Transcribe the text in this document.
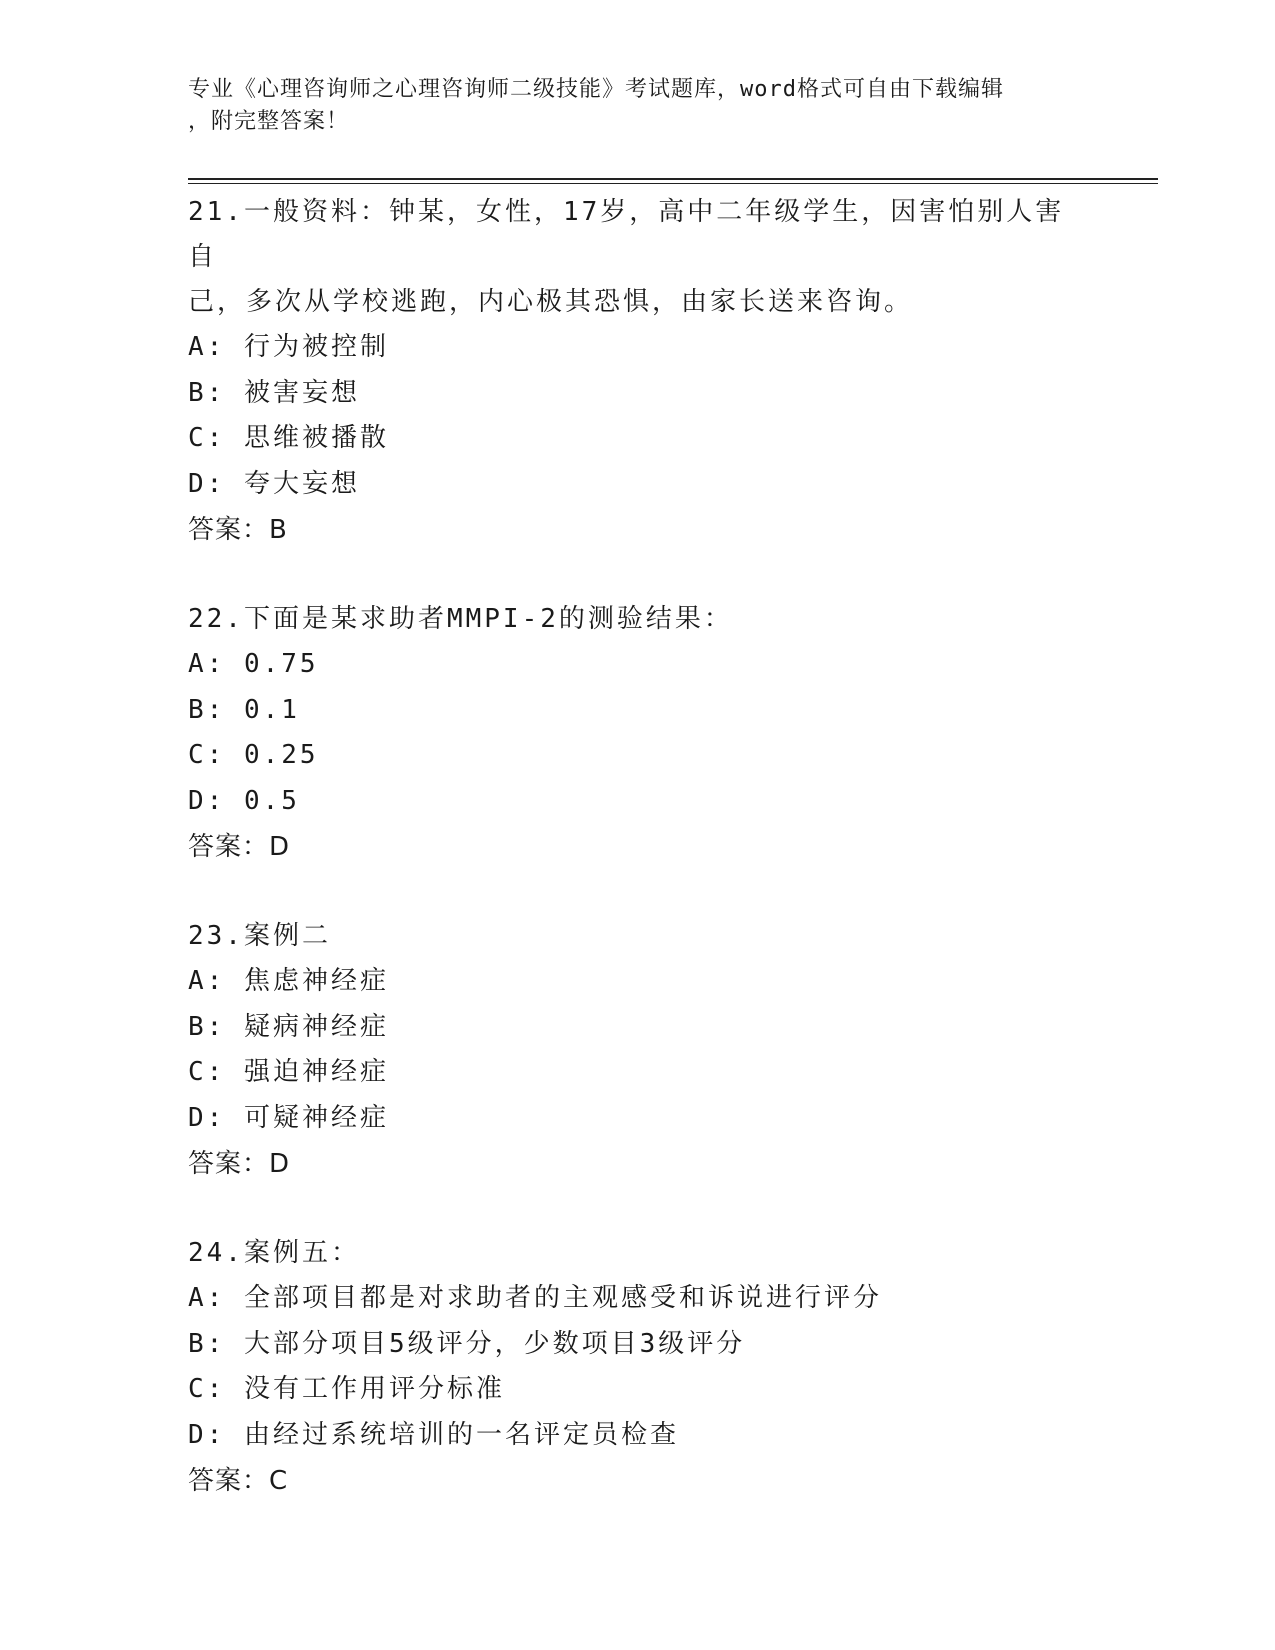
专业《心理咨询师之心理咨询师二级技能》考试题库，word格式可自由下载编辑
，附完整答案！

21.一般资料：钟某，女性，17岁，高中二年级学生，因害怕别人害自

己，多次从学校逃跑，内心极其恐惧，由家长送来咨询。

A: 行为被控制

B: 被害妄想

C: 思维被播散

D: 夸大妄想

答案：B

22.下面是某求助者MMPI-2的测验结果：

A: 0.75

B: 0.1

C: 0.25

D: 0.5

答案：D

23.案例二

A: 焦虑神经症

B: 疑病神经症

C: 强迫神经症

D: 可疑神经症

答案：D

24.案例五：

A: 全部项目都是对求助者的主观感受和诉说进行评分

B: 大部分项目5级评分，少数项目3级评分

C: 没有工作用评分标准

D: 由经过系统培训的一名评定员检查

答案：C
